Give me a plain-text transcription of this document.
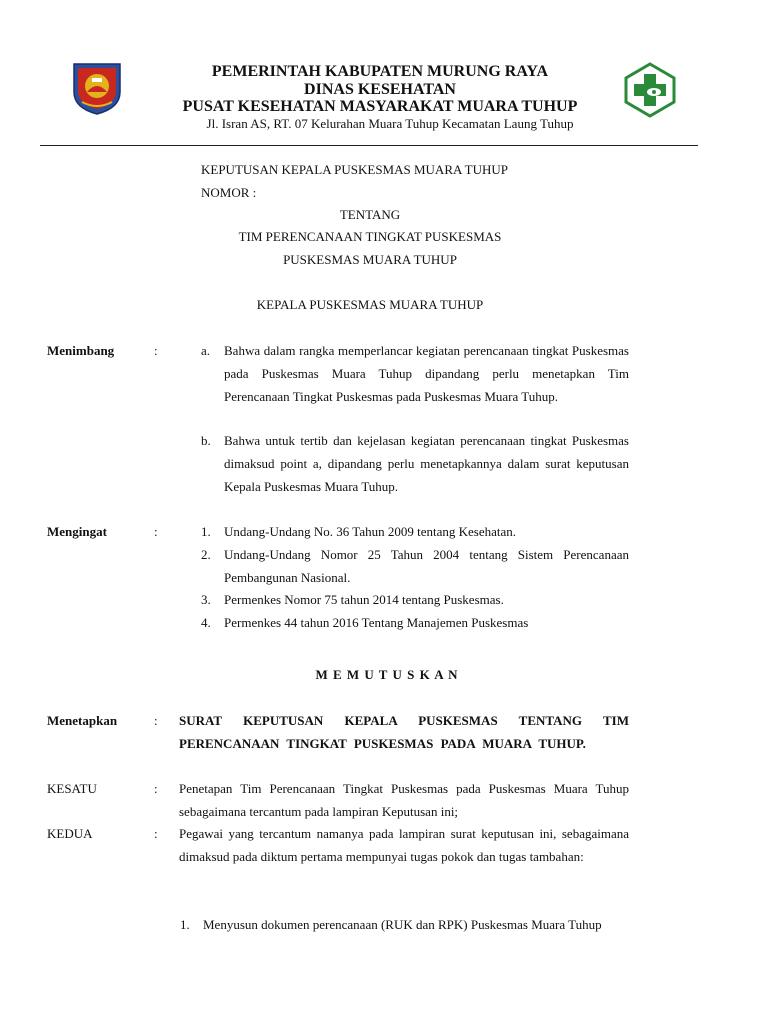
PEMERINTAH KABUPATEN MURUNG RAYA
DINAS KESEHATAN
PUSAT KESEHATAN MASYARAKAT MUARA TUHUP
Jl. Isran AS, RT. 07 Kelurahan Muara Tuhup Kecamatan Laung Tuhup
KEPUTUSAN KEPALA PUSKESMAS MUARA TUHUP
NOMOR :
TENTANG
TIM PERENCANAAN TINGKAT PUSKESMAS
PUSKESMAS MUARA TUHUP
KEPALA PUSKESMAS MUARA TUHUP
Menimbang	:	a. Bahwa dalam rangka memperlancar kegiatan perencanaan tingkat Puskesmas pada Puskesmas Muara Tuhup dipandang perlu menetapkan Tim Perencanaan Tingkat Puskesmas pada Puskesmas Muara Tuhup.
b. Bahwa untuk tertib dan kejelasan kegiatan perencanaan tingkat Puskesmas dimaksud point a, dipandang perlu menetapkannya dalam surat keputusan Kepala Puskesmas Muara Tuhup.
Mengingat	:	1. Undang-Undang No. 36 Tahun 2009 tentang Kesehatan.
2. Undang-Undang Nomor 25 Tahun 2004 tentang Sistem Perencanaan Pembangunan Nasional.
3. Permenkes Nomor 75 tahun 2014 tentang Puskesmas.
4. Permenkes 44 tahun 2016 Tentang Manajemen Puskesmas
M E M U T U S K A N
Menetapkan	: SURAT KEPUTUSAN KEPALA PUSKESMAS TENTANG TIM PERENCANAAN TINGKAT PUSKESMAS PADA MUARA TUHUP.
KESATU	: Penetapan Tim Perencanaan Tingkat Puskesmas pada Puskesmas Muara Tuhup sebagaimana tercantum pada lampiran Keputusan ini;
KEDUA	: Pegawai yang tercantum namanya pada lampiran surat keputusan ini, sebagaimana dimaksud pada diktum pertama mempunyai tugas pokok dan tugas tambahan:
1. Menyusun dokumen perencanaan (RUK dan RPK) Puskesmas Muara Tuhup
